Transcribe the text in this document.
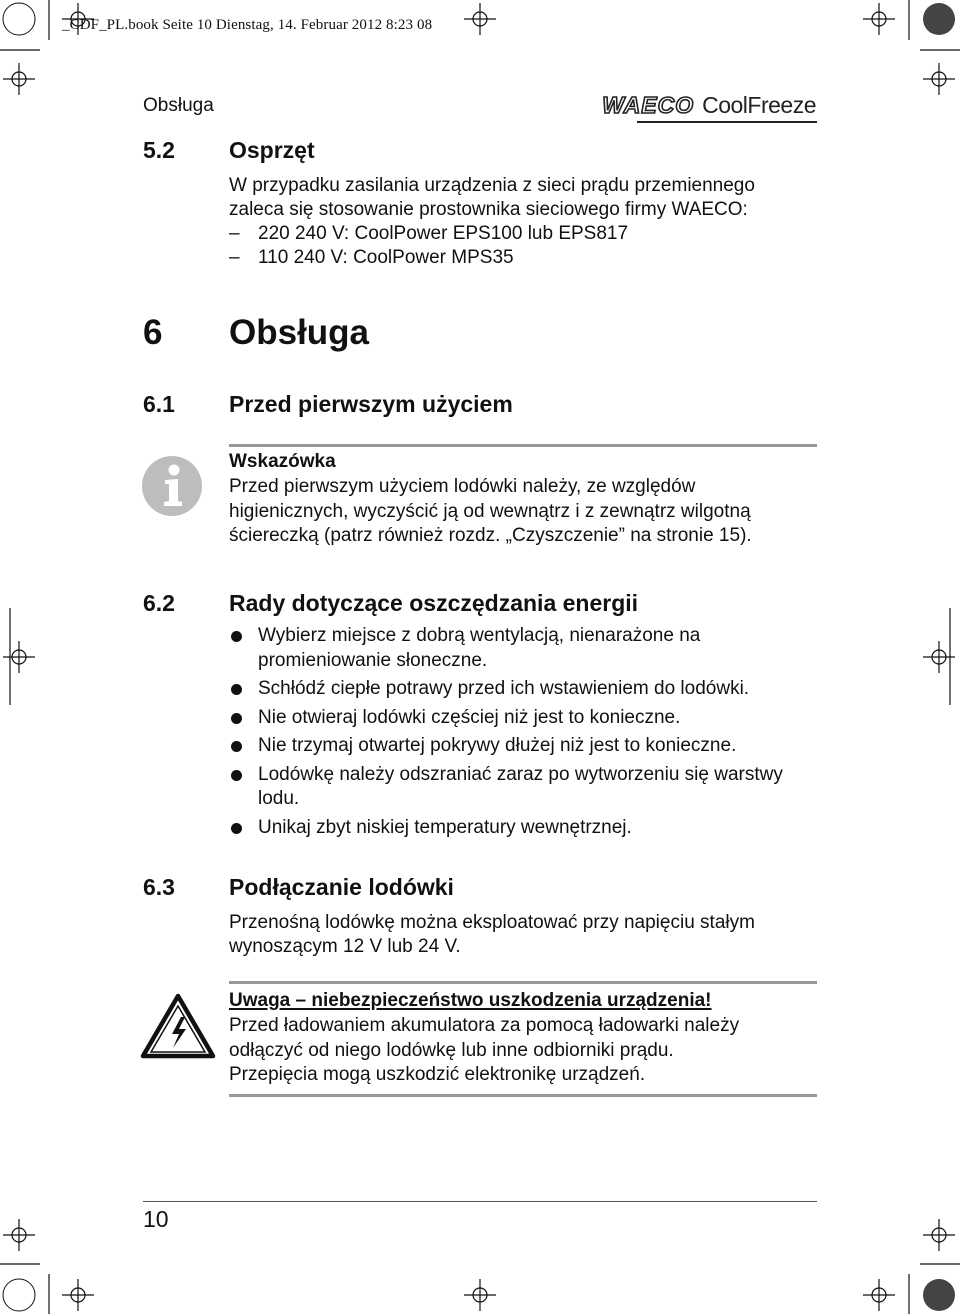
_CDF_PL.book Seite 10 Dienstag, 14. Februar 2012 8:23 08
Obsługa	WAECO CoolFreeze
5.2 Osprzęt
W przypadku zasilania urządzenia z sieci prądu przemiennego
zaleca się stosowanie prostownika sieciowego firmy WAECO:
– 220 240 V: CoolPower EPS100 lub EPS817
– 110 240 V: CoolPower MPS35
6 Obsługa
6.1 Przed pierwszym użyciem
Wskazówka
Przed pierwszym użyciem lodówki należy, ze względów
higienicznych, wyczyścić ją od wewnątrz i z zewnątrz wilgotną
ściereczką (patrz również rozdz. „Czyszczenie” na stronie 15).
6.2 Rady dotyczące oszczędzania energii
Wybierz miejsce z dobrą wentylacją, nienarażone na promieniowanie słoneczne.
Schłódź ciepłe potrawy przed ich wstawieniem do lodówki.
Nie otwieraj lodówki częściej niż jest to konieczne.
Nie trzymaj otwartej pokrywy dłużej niż jest to konieczne.
Lodówkę należy odszraniać zaraz po wytworzeniu się warstwy lodu.
Unikaj zbyt niskiej temperatury wewnętrznej.
6.3 Podłączanie lodówki
Przenośną lodówkę można eksploatować przy napięciu stałym
wynoszącym 12 V lub 24 V.
Uwaga – niebezpieczeństwo uszkodzenia urządzenia!
Przed ładowaniem akumulatora za pomocą ładowarki należy
odłączyć od niego lodówkę lub inne odbiorniki prądu.
Przepięcia mogą uszkodzić elektronikę urządzeń.
10
